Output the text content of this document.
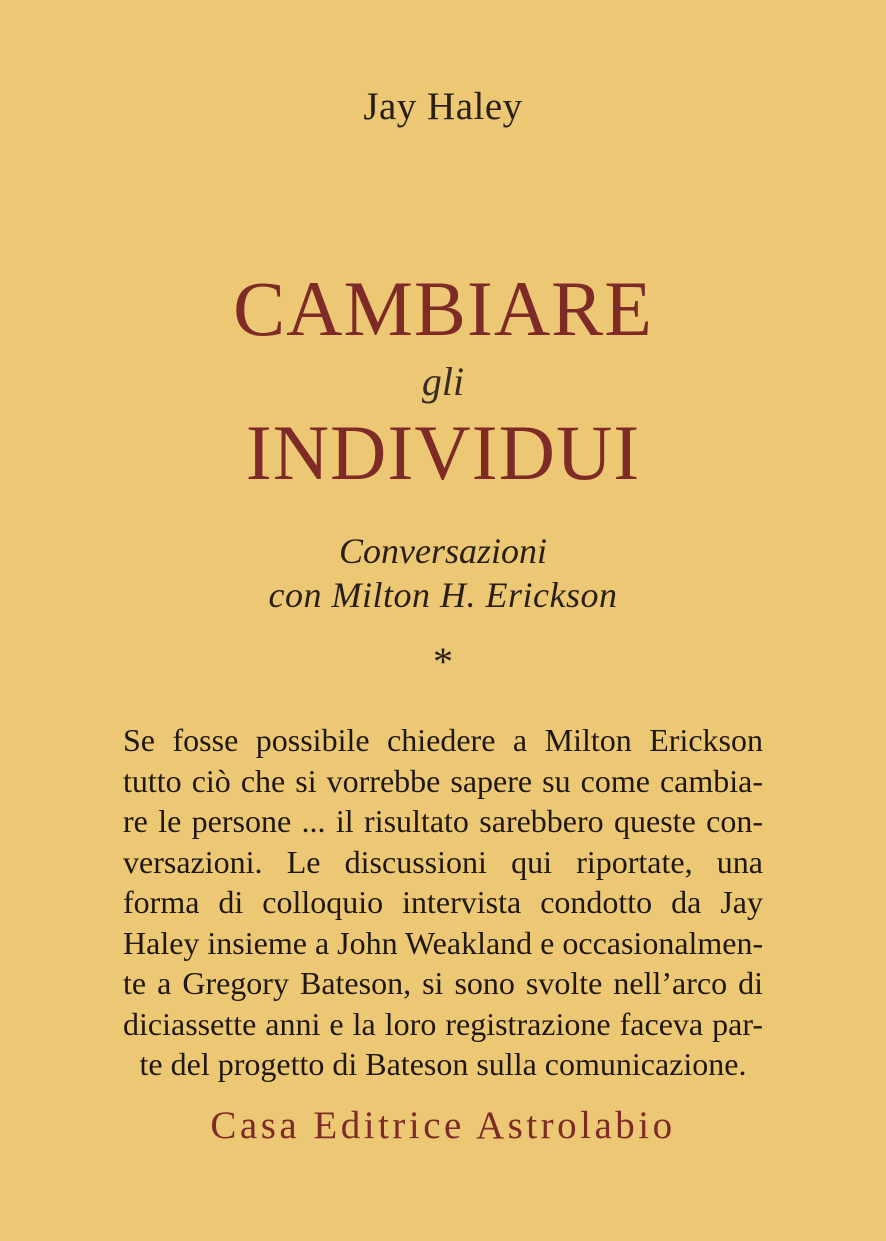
Jay Haley
CAMBIARE
gli
INDIVIDUI
Conversazioni
con Milton H. Erickson
*
Se fosse possibile chiedere a Milton Erickson
tutto ciò che si vorrebbe sapere su come cambia-
re le persone ... il risultato sarebbero queste con-
versazioni. Le discussioni qui riportate, una
forma di colloquio intervista condotto da Jay
Haley insieme a John Weakland e occasionalmen-
te a Gregory Bateson, si sono svolte nell’arco di
diciassette anni e la loro registrazione faceva par-
te del progetto di Bateson sulla comunicazione.
Casa Editrice Astrolabio
